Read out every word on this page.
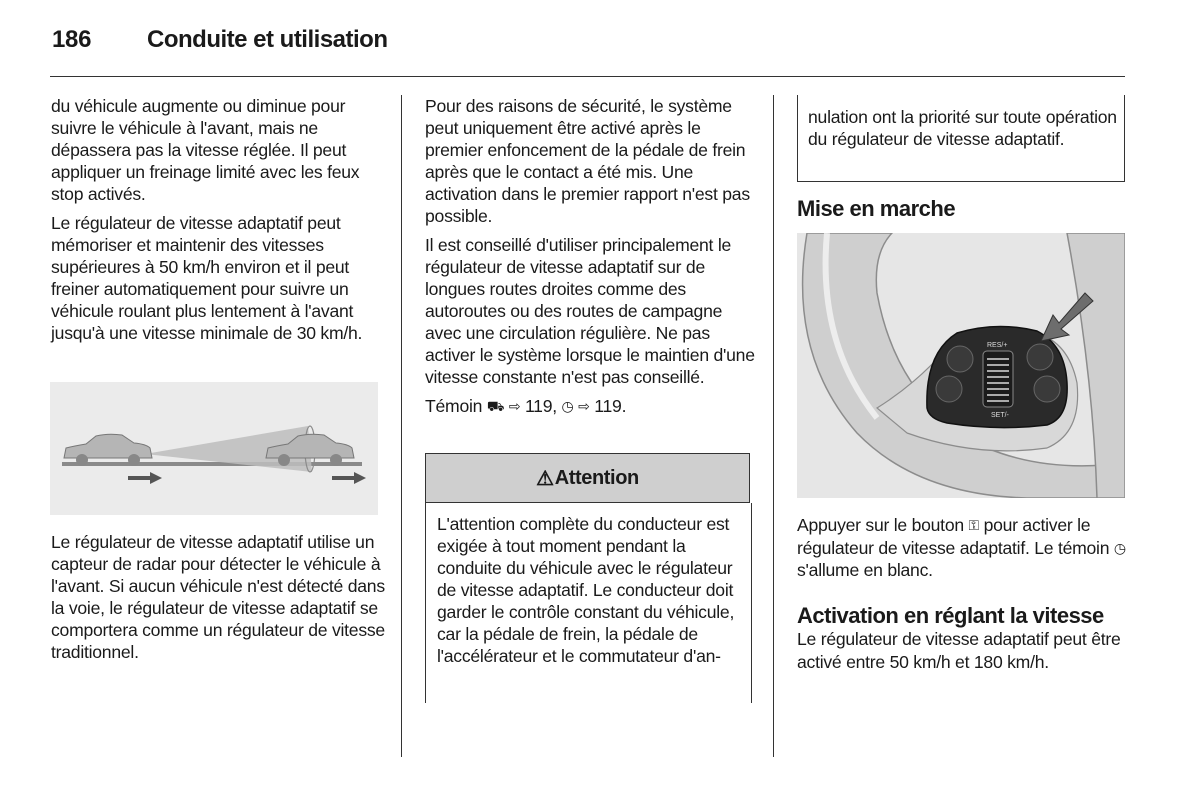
186 Conduite et utilisation

du véhicule augmente ou diminue pour suivre le véhicule à l'avant, mais ne dépassera pas la vitesse réglée. Il peut appliquer un freinage limité avec les feux stop activés.

Le régulateur de vitesse adaptatif peut mémoriser et maintenir des vitesses supérieures à 50 km/h environ et il peut freiner automatiquement pour suivre un véhicule roulant plus lentement à l'avant jusqu'à une vitesse minimale de 30 km/h.

Le régulateur de vitesse adaptatif utilise un capteur de radar pour détecter le véhicule à l'avant. Si aucun véhicule n'est détecté dans la voie, le régulateur de vitesse adaptatif se comportera comme un régulateur de vitesse traditionnel.

Pour des raisons de sécurité, le système peut uniquement être activé après le premier enfoncement de la pédale de frein après que le contact a été mis. Une activation dans le premier rapport n'est pas possible.

Il est conseillé d'utiliser principalement le régulateur de vitesse adaptatif sur de longues routes droites comme des autoroutes ou des routes de campagne avec une circulation régulière. Ne pas activer le système lorsque le maintien d'une vitesse constante n'est pas conseillé.

Témoin ⛟ ⇨ 119, ◷ ⇨ 119.

⚠ Attention
L'attention complète du conducteur est exigée à tout moment pendant la conduite du véhicule avec le régulateur de vitesse adaptatif. Le conducteur doit garder le contrôle constant du véhicule, car la pédale de frein, la pédale de l'accélérateur et le commutateur d'an-
nulation ont la priorité sur toute opération du régulateur de vitesse adaptatif.
Mise en marche
RES/+
SET/-
Appuyer sur le bouton ⚿ pour activer le régulateur de vitesse adaptatif. Le témoin ◷ s'allume en blanc.
Activation en réglant la vitesse
Le régulateur de vitesse adaptatif peut être activé entre 50 km/h et 180 km/h.
